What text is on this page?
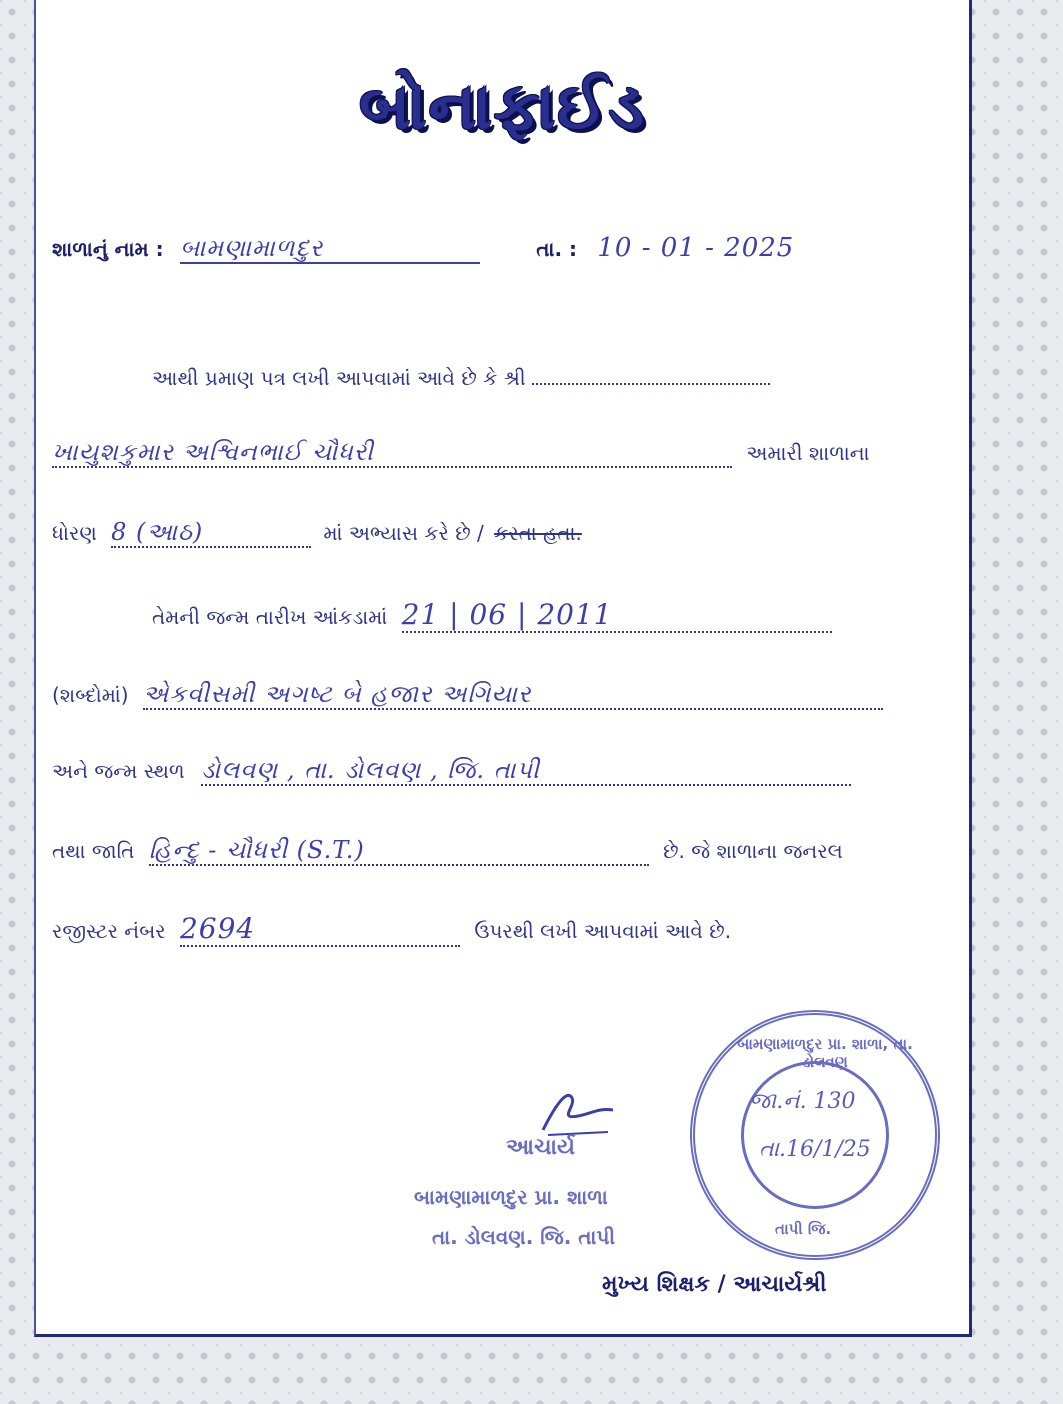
બોનાફાઈડ
શાળાનું નામ : બામણામાળદુર	તા. : 10 - 01 - 2025
આથી પ્રમાણ પત્ર લખી આપવામાં આવે છે કે શ્રી
ખાયુશકુમાર અશ્વિનભાઈ ચૌધરી	અમારી શાળાના
ધોરણ 8 (આઠ)	માં અભ્યાસ કરે છે / કરતા હતા.
તેમની જન્મ તારીખ આંકડામાં 21 | 06 | 2011
(શબ્દોમાં) એકવીસમી અગષ્ટ બે હજાર અગિયાર
અને જન્મ સ્થળ ડોલવણ , તા. ડોલવણ , જિ. તાપી
તથા જાતિ હિન્દુ - ચૌધરી (S.T.)	છે. જે શાળાના જનરલ
રજીસ્ટર નંબર 2694	ઉપરથી લખી આપવામાં આવે છે.
આચાર્ય
બામણામાળદુર પ્રા. શાળા
તા. ડોલવણ. જિ. તાપી
બામણામાળદુર પ્રા. શાળા, તા. ડોલવણ
તાપી જિ.
જા.નં. 130
તા.16/1/25
મુખ્ય શિક્ષક / આચાર્યશ્રી
